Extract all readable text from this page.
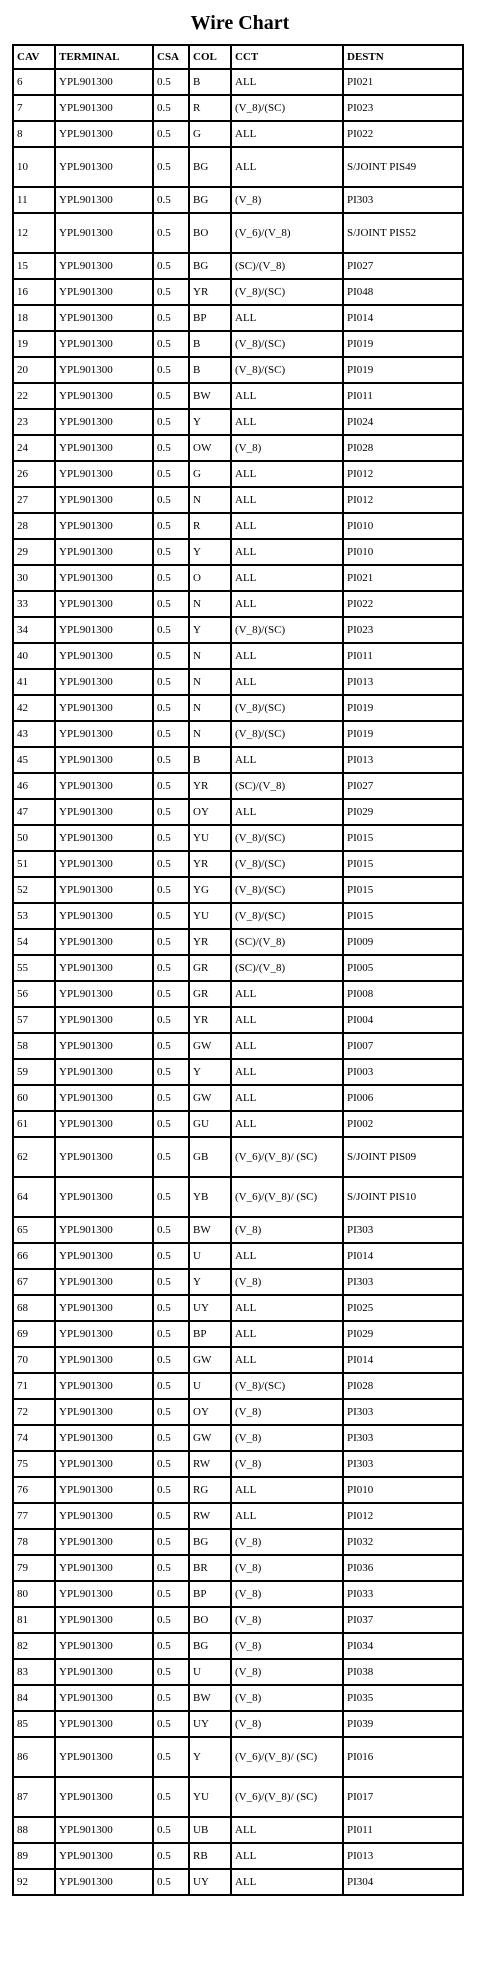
Wire Chart
CAV	TERMINAL	CSA	COL	CCT	DESTN
6	YPL901300	0.5	B	ALL	PI021
7	YPL901300	0.5	R	(V_8)/(SC)	PI023
8	YPL901300	0.5	G	ALL	PI022
10	YPL901300	0.5	BG	ALL	S/JOINT PIS49
11	YPL901300	0.5	BG	(V_8)	PI303
12	YPL901300	0.5	BO	(V_6)/(V_8)	S/JOINT PIS52
15	YPL901300	0.5	BG	(SC)/(V_8)	PI027
16	YPL901300	0.5	YR	(V_8)/(SC)	PI048
18	YPL901300	0.5	BP	ALL	PI014
19	YPL901300	0.5	B	(V_8)/(SC)	PI019
20	YPL901300	0.5	B	(V_8)/(SC)	PI019
22	YPL901300	0.5	BW	ALL	PI011
23	YPL901300	0.5	Y	ALL	PI024
24	YPL901300	0.5	OW	(V_8)	PI028
26	YPL901300	0.5	G	ALL	PI012
27	YPL901300	0.5	N	ALL	PI012
28	YPL901300	0.5	R	ALL	PI010
29	YPL901300	0.5	Y	ALL	PI010
30	YPL901300	0.5	O	ALL	PI021
33	YPL901300	0.5	N	ALL	PI022
34	YPL901300	0.5	Y	(V_8)/(SC)	PI023
40	YPL901300	0.5	N	ALL	PI011
41	YPL901300	0.5	N	ALL	PI013
42	YPL901300	0.5	N	(V_8)/(SC)	PI019
43	YPL901300	0.5	N	(V_8)/(SC)	PI019
45	YPL901300	0.5	B	ALL	PI013
46	YPL901300	0.5	YR	(SC)/(V_8)	PI027
47	YPL901300	0.5	OY	ALL	PI029
50	YPL901300	0.5	YU	(V_8)/(SC)	PI015
51	YPL901300	0.5	YR	(V_8)/(SC)	PI015
52	YPL901300	0.5	YG	(V_8)/(SC)	PI015
53	YPL901300	0.5	YU	(V_8)/(SC)	PI015
54	YPL901300	0.5	YR	(SC)/(V_8)	PI009
55	YPL901300	0.5	GR	(SC)/(V_8)	PI005
56	YPL901300	0.5	GR	ALL	PI008
57	YPL901300	0.5	YR	ALL	PI004
58	YPL901300	0.5	GW	ALL	PI007
59	YPL901300	0.5	Y	ALL	PI003
60	YPL901300	0.5	GW	ALL	PI006
61	YPL901300	0.5	GU	ALL	PI002
62	YPL901300	0.5	GB	(V_6)/(V_8)/ (SC)	S/JOINT PIS09
64	YPL901300	0.5	YB	(V_6)/(V_8)/ (SC)	S/JOINT PIS10
65	YPL901300	0.5	BW	(V_8)	PI303
66	YPL901300	0.5	U	ALL	PI014
67	YPL901300	0.5	Y	(V_8)	PI303
68	YPL901300	0.5	UY	ALL	PI025
69	YPL901300	0.5	BP	ALL	PI029
70	YPL901300	0.5	GW	ALL	PI014
71	YPL901300	0.5	U	(V_8)/(SC)	PI028
72	YPL901300	0.5	OY	(V_8)	PI303
74	YPL901300	0.5	GW	(V_8)	PI303
75	YPL901300	0.5	RW	(V_8)	PI303
76	YPL901300	0.5	RG	ALL	PI010
77	YPL901300	0.5	RW	ALL	PI012
78	YPL901300	0.5	BG	(V_8)	PI032
79	YPL901300	0.5	BR	(V_8)	PI036
80	YPL901300	0.5	BP	(V_8)	PI033
81	YPL901300	0.5	BO	(V_8)	PI037
82	YPL901300	0.5	BG	(V_8)	PI034
83	YPL901300	0.5	U	(V_8)	PI038
84	YPL901300	0.5	BW	(V_8)	PI035
85	YPL901300	0.5	UY	(V_8)	PI039
86	YPL901300	0.5	Y	(V_6)/(V_8)/ (SC)	PI016
87	YPL901300	0.5	YU	(V_6)/(V_8)/ (SC)	PI017
88	YPL901300	0.5	UB	ALL	PI011
89	YPL901300	0.5	RB	ALL	PI013
92	YPL901300	0.5	UY	ALL	PI304
